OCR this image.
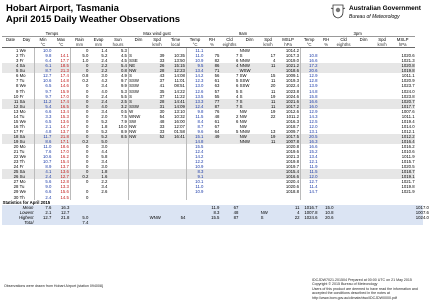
Hobart Airport, Tasmania
April 2015 Daily Weather Observations
Australian Government
Bureau of Meteorology
		Temps					Max wind gust			9am						3pm						
Date	Day	Min	Max	Rain	Evap	Sun	Dirn	Spd	Time	Temp	RH	Cld	Dirn	Spd	MSLP	Temp	RH	Cld	Dirn	Spd	MSLP	
		°C	°C	mm	mm	hours		km/h	local	°C	%	eighths		km/h	hPa	°C	%	eighths		km/h	hPa	
1	We	10.0		0	1.4	5.3				11.1			NNW		1014.2							
2	Th	9.8	14.1	5.0	5.2	4.5	S	39	10:35	11.0	75	7	S	17	1017.3	10.8					1020.6	
3	Fr	6.4	17.7	1.0	2.4	4.5	SSE	33	13:50	10.9	82	6	NNW	4	1019.0	16.6					1021.3	
4	Sa	6.1	18.5	0	2.2	5.4	NE	26	15:15	9.5	86	4	NNW	11	1021.2	17.2					1020.8	
5	Su	8.7	21.3	0	2.2	0.8	NW	28	12:23	13.4	71		WSW		1018.6	20.6					1019.8	
6	Mo	12.7	17.4	0.8	3.0	4.9	S	43	14:08	14.2	56	7	SW	15	1009.1	12.9					1011.1	
7	Tu	10.6	14.8	0.2	4.2	9.7	SSW	37	11:01	12.3	61	5	SSW	11	1019.3	12.8					1020.9	
8	We	6.5	14.6	0	3.4	9.9	SSW	41	08:51	13.0	63	6	SSW	20	1022.4	13.9					1023.7	
9	Th	9.7	15.9	0	4.0	5.3	SSW	35	14:22	12.6	57	5	S	11	1023.8	14.8					1024.0	
10	Fr	9.7	17.0	0	2.4	5.5	S	37	11:22	13.5	55	4	S	19	1024.6	15.8					1023.8	
11	Sa	11.2	17.4	0	2.4	2.5	S	28	14:41	13.3	77	7	S	11	1021.6	16.6					1020.7	
12	Su	5.4	16.5	0	4.0	3.2	SSW	31	14:09	12.4	87	7	S	11	1017.2	16.0					1017.7	
13	Mo	6.6	13.4	0	3.4	0.5	W	30	13:10	9.8	76		NW	19	1012.6	12.9					1007.6	
14	Tu	3.3	15.3	0	2.0	7.5	WNW	54	10:32	11.5	48	2	NW	22	1011.2	14.3					1011.1	
15	We	6.5	13.6	0	5.2	7.9	SW	48	16:00	8.4	61	6	NW		1016.3	12.5					1019.4	
16	Th	2.1	14.7	0	1.8	10.0	NW	33	12:07	8.7	67		NW		1018.7	12.0					1014.0	
17	Fr	4.8	13.7	0	5.2	8.9	NW	33	01:58	9.6	64	5	NNW	13	1009.7	13.1					1012.1	
18	Sa	11.7	21.8	0	5.2	8.5	NW	52	16:41	15.1	49		NW	19	1017.5	20.5					1012.2	
19	Su	8.6	17.1	0.2	5.0					14.8			NNW	11	1007.8	16.3					1016.4	
20	Mo	11.0	18.6	0	3.0					15.5					1020.8	16.6					1016.2	
21	Tu	7.6	17.0	0	4.4					12.4					1019.6	15.2					1010.6	
22	We	10.6	16.2	0	5.8					14.2					1021.3	13.4					1011.9	
23	Th	10.7	15.4	0	3.4					12.2					1019.8	12.1					1015.7	
24	Fr	8.9	13.7	0	3.0					10.9					1019.7	11.9					1020.5	
25	Sa	4.1	13.6	0	1.8					8.3					1015.4	11.5					1018.7	
26	Su	2.4	12.7	0.2	1.6					9.1					1016.6	12.0					1019.1	
27	Mo	5.6	12.8	0	2.2					10.1					1020.4	12.7					1021.7	
28	Tu	9.0	13.3		3.4					11.0					1020.6	11.4					1019.8	
29	We	6.6	15.6	0	2.6					10.9					1018.8	14.7					1021.9	
30	Th	2.4	14.5	0																		
Statistics for April 2015																						
Mean		7.6	16.3								11.9	67			11	1016.7	15.0					1017.0
Lowest		2.1	12.7								8.3	48		NW	4	1007.8	10.8					1007.6
Highest		12.7	21.8	5.0				WNW	54		15.5	87		S	22	1024.6	20.6					1024.0
Total				7.4																		
Observations were drawn from Hobart Airport {station 094008}
IDCJDW7021.201504 Prepared at 00:00 UTC on 21 May 2015
Copyright © 2015 Bureau of Meteorology
Users of this product are deemed to have read the information and
accepted the conditions described in the notes at
http://www.bom.gov.au/climate/dwo/IDCJDW0000.pdf
